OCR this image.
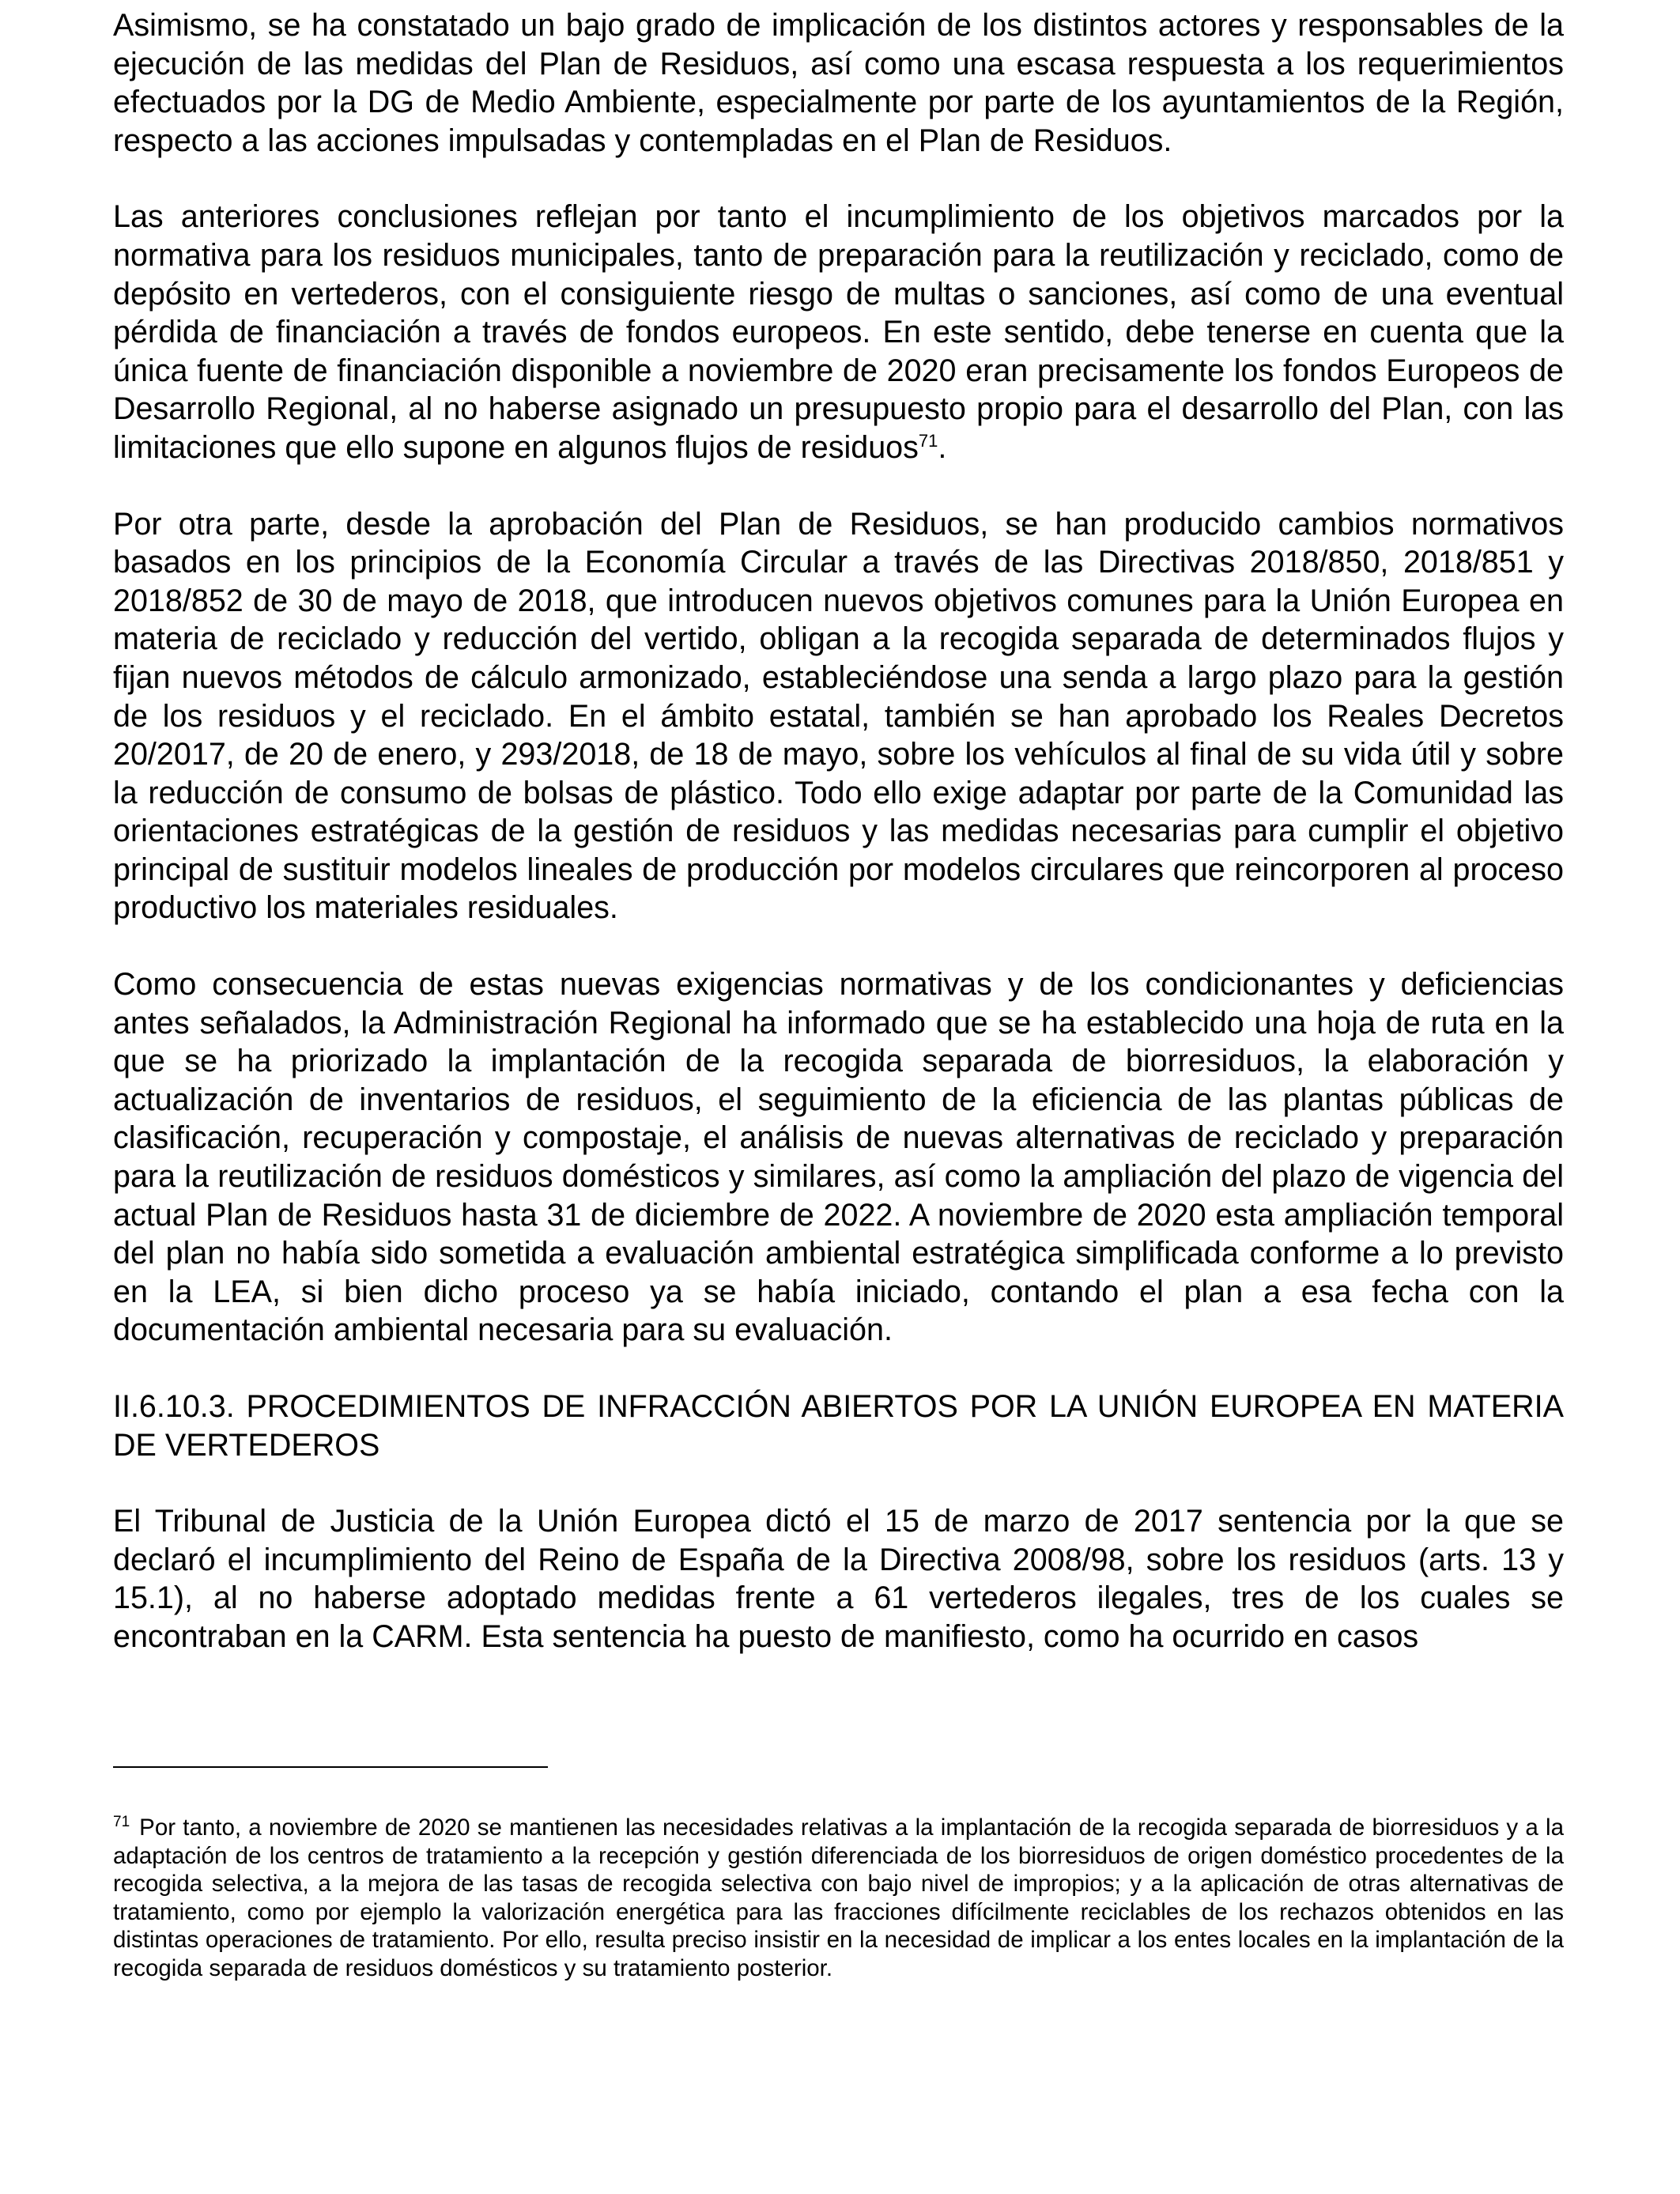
Asimismo, se ha constatado un bajo grado de implicación de los distintos actores y responsables de la ejecución de las medidas del Plan de Residuos, así como una escasa respuesta a los requerimientos efectuados por la DG de Medio Ambiente, especialmente por parte de los ayuntamientos de la Región, respecto a las acciones impulsadas y contempladas en el Plan de Residuos.

Las anteriores conclusiones reflejan por tanto el incumplimiento de los objetivos marcados por la normativa para los residuos municipales, tanto de preparación para la reutilización y reciclado, como de depósito en vertederos, con el consiguiente riesgo de multas o sanciones, así como de una eventual pérdida de financiación a través de fondos europeos. En este sentido, debe tenerse en cuenta que la única fuente de financiación disponible a noviembre de 2020 eran precisamente los fondos Europeos de Desarrollo Regional, al no haberse asignado un presupuesto propio para el desarrollo del Plan, con las limitaciones que ello supone en algunos flujos de residuos$^{71}$.

Por otra parte, desde la aprobación del Plan de Residuos, se han producido cambios normativos basados en los principios de la Economía Circular a través de las Directivas 2018/850, 2018/851 y 2018/852 de 30 de mayo de 2018, que introducen nuevos objetivos comunes para la Unión Europea en materia de reciclado y reducción del vertido, obligan a la recogida separada de determinados flujos y fijan nuevos métodos de cálculo armonizado, estableciéndose una senda a largo plazo para la gestión de los residuos y el reciclado. En el ámbito estatal, también se han aprobado los Reales Decretos 20/2017, de 20 de enero, y 293/2018, de 18 de mayo, sobre los vehículos al final de su vida útil y sobre la reducción de consumo de bolsas de plástico. Todo ello exige adaptar por parte de la Comunidad las orientaciones estratégicas de la gestión de residuos y las medidas necesarias para cumplir el objetivo principal de sustituir modelos lineales de producción por modelos circulares que reincorporen al proceso productivo los materiales residuales.

Como consecuencia de estas nuevas exigencias normativas y de los condicionantes y deficiencias antes señalados, la Administración Regional ha informado que se ha establecido una hoja de ruta en la que se ha priorizado la implantación de la recogida separada de biorresiduos, la elaboración y actualización de inventarios de residuos, el seguimiento de la eficiencia de las plantas públicas de clasificación, recuperación y compostaje, el análisis de nuevas alternativas de reciclado y preparación para la reutilización de residuos domésticos y similares, así como la ampliación del plazo de vigencia del actual Plan de Residuos hasta 31 de diciembre de 2022. A noviembre de 2020 esta ampliación temporal del plan no había sido sometida a evaluación ambiental estratégica simplificada conforme a lo previsto en la LEA, si bien dicho proceso ya se había iniciado, contando el plan a esa fecha con la documentación ambiental necesaria para su evaluación.

II.6.10.3. PROCEDIMIENTOS DE INFRACCIÓN ABIERTOS POR LA UNIÓN EUROPEA EN MATERIA DE VERTEDEROS

El Tribunal de Justicia de la Unión Europea dictó el 15 de marzo de 2017 sentencia por la que se declaró el incumplimiento del Reino de España de la Directiva 2008/98, sobre los residuos (arts. 13 y 15.1), al no haberse adoptado medidas frente a 61 vertederos ilegales, tres de los cuales se encontraban en la CARM. Esta sentencia ha puesto de manifiesto, como ha ocurrido en casos

$^{71}$ Por tanto, a noviembre de 2020 se mantienen las necesidades relativas a la implantación de la recogida separada de biorresiduos y a la adaptación de los centros de tratamiento a la recepción y gestión diferenciada de los biorresiduos de origen doméstico procedentes de la recogida selectiva, a la mejora de las tasas de recogida selectiva con bajo nivel de impropios; y a la aplicación de otras alternativas de tratamiento, como por ejemplo la valorización energética para las fracciones difícilmente reciclables de los rechazos obtenidos en las distintas operaciones de tratamiento. Por ello, resulta preciso insistir en la necesidad de implicar a los entes locales en la implantación de la recogida separada de residuos domésticos y su tratamiento posterior.
